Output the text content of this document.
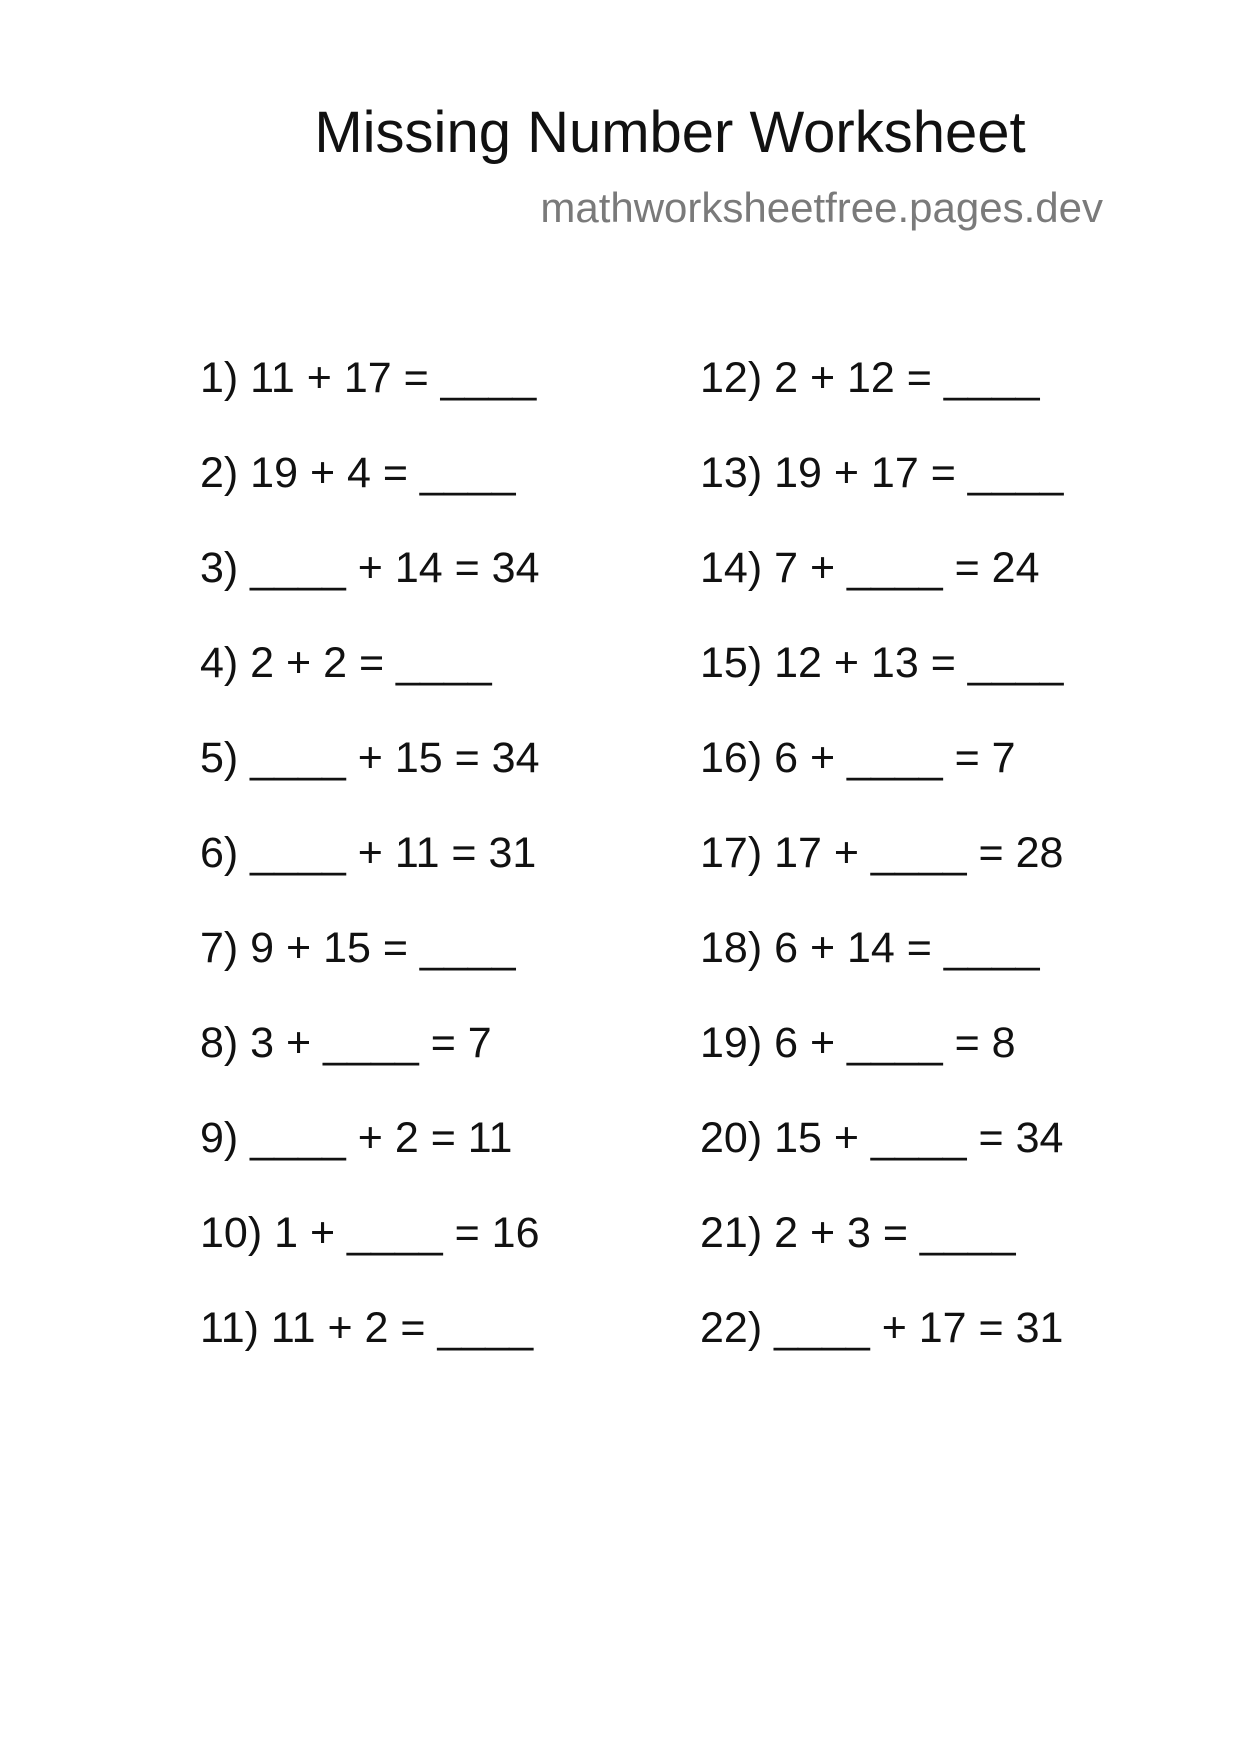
Missing Number Worksheet
mathworksheetfree.pages.dev
1) 11 + 17 = ____
2) 19 + 4 = ____
3) ____ + 14 = 34
4) 2 + 2 = ____
5) ____ + 15 = 34
6) ____ + 11 = 31
7) 9 + 15 = ____
8) 3 + ____ = 7
9) ____ + 2 = 11
10) 1 + ____ = 16
11) 11 + 2 = ____
12) 2 + 12 = ____
13) 19 + 17 = ____
14) 7 + ____ = 24
15) 12 + 13 = ____
16) 6 + ____ = 7
17) 17 + ____ = 28
18) 6 + 14 = ____
19) 6 + ____ = 8
20) 15 + ____ = 34
21) 2 + 3 = ____
22) ____ + 17 = 31
